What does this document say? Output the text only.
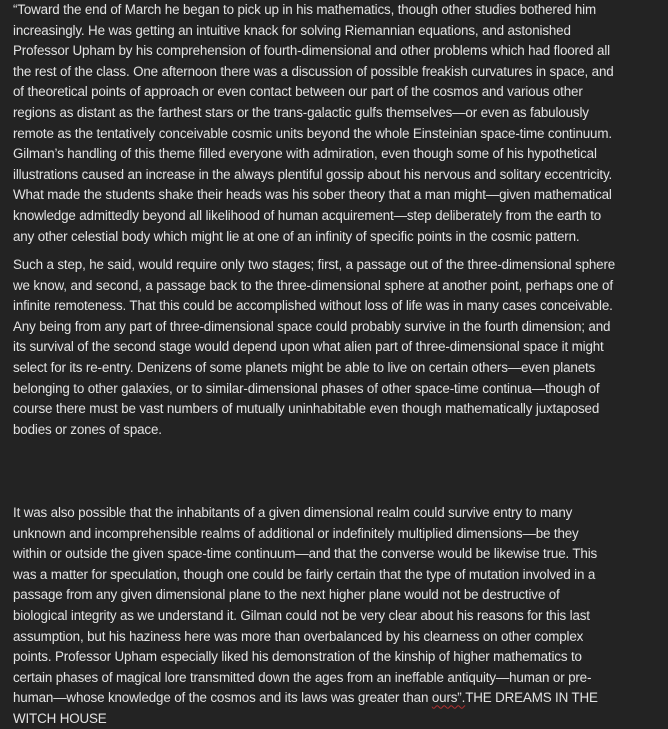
“Toward the end of March he began to pick up in his mathematics, though other studies bothered him
increasingly. He was getting an intuitive knack for solving Riemannian equations, and astonished
Professor Upham by his comprehension of fourth-dimensional and other problems which had floored all
the rest of the class. One afternoon there was a discussion of possible freakish curvatures in space, and
of theoretical points of approach or even contact between our part of the cosmos and various other
regions as distant as the farthest stars or the trans-galactic gulfs themselves—or even as fabulously
remote as the tentatively conceivable cosmic units beyond the whole Einsteinian space-time continuum.
Gilman’s handling of this theme filled everyone with admiration, even though some of his hypothetical
illustrations caused an increase in the always plentiful gossip about his nervous and solitary eccentricity.
What made the students shake their heads was his sober theory that a man might—given mathematical
knowledge admittedly beyond all likelihood of human acquirement—step deliberately from the earth to
any other celestial body which might lie at one of an infinity of specific points in the cosmic pattern.
Such a step, he said, would require only two stages; first, a passage out of the three-dimensional sphere
we know, and second, a passage back to the three-dimensional sphere at another point, perhaps one of
infinite remoteness. That this could be accomplished without loss of life was in many cases conceivable.
Any being from any part of three-dimensional space could probably survive in the fourth dimension; and
its survival of the second stage would depend upon what alien part of three-dimensional space it might
select for its re-entry. Denizens of some planets might be able to live on certain others—even planets
belonging to other galaxies, or to similar-dimensional phases of other space-time continua—though of
course there must be vast numbers of mutually uninhabitable even though mathematically juxtaposed
bodies or zones of space.
It was also possible that the inhabitants of a given dimensional realm could survive entry to many
unknown and incomprehensible realms of additional or indefinitely multiplied dimensions—be they
within or outside the given space-time continuum—and that the converse would be likewise true. This
was a matter for speculation, though one could be fairly certain that the type of mutation involved in a
passage from any given dimensional plane to the next higher plane would not be destructive of
biological integrity as we understand it. Gilman could not be very clear about his reasons for this last
assumption, but his haziness here was more than overbalanced by his clearness on other complex
points. Professor Upham especially liked his demonstration of the kinship of higher mathematics to
certain phases of magical lore transmitted down the ages from an ineffable antiquity—human or pre-
human—whose knowledge of the cosmos and its laws was greater than ours”.THE DREAMS IN THE
WITCH HOUSE
